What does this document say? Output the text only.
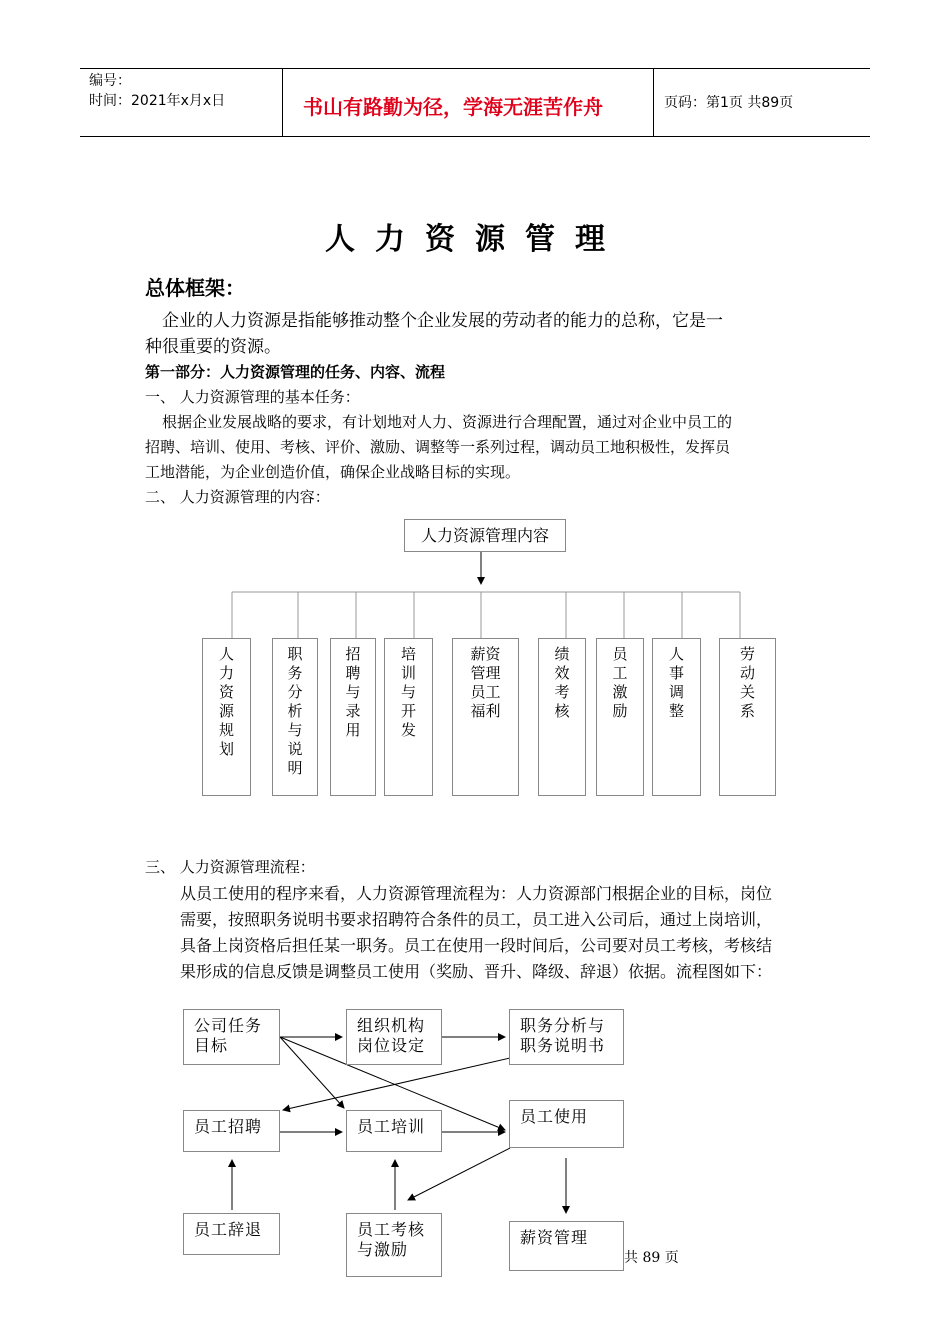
编号：
时间：2021年x月x日	书山有路勤为径，学海无涯苦作舟	页码：第1页 共89页
人力资源管理
总体框架：
企业的人力资源是指能够推动整个企业发展的劳动者的能力的总称，它是一
种很重要的资源。
第一部分：人力资源管理的任务、内容、流程
一、 人力资源管理的基本任务：
根据企业发展战略的要求，有计划地对人力、资源进行合理配置，通过对企业中员工的
招聘、培训、使用、考核、评价、激励、调整等一系列过程，调动员工地积极性，发挥员
工地潜能，为企业创造价值，确保企业战略目标的实现。
二、 人力资源管理的内容：
人力资源管理内容
人力资源规划
职务分析与说明
招聘与录用
培训与开发
薪资管理员工福利
绩效考核
员工激励
人事调整
劳动关系
三、 人力资源管理流程：
从员工使用的程序来看，人力资源管理流程为：人力资源部门根据企业的目标，岗位
需要，按照职务说明书要求招聘符合条件的员工，员工进入公司后，通过上岗培训，
具备上岗资格后担任某一职务。员工在使用一段时间后，公司要对员工考核，考核结
果形成的信息反馈是调整员工使用（奖励、晋升、降级、辞退）依据。流程图如下：
公司任务目标
组织机构岗位设定
职务分析与职务说明书
员工招聘	员工培训
员工使用
员工辞退	员工考核与激励
薪资管理
共 89 页
